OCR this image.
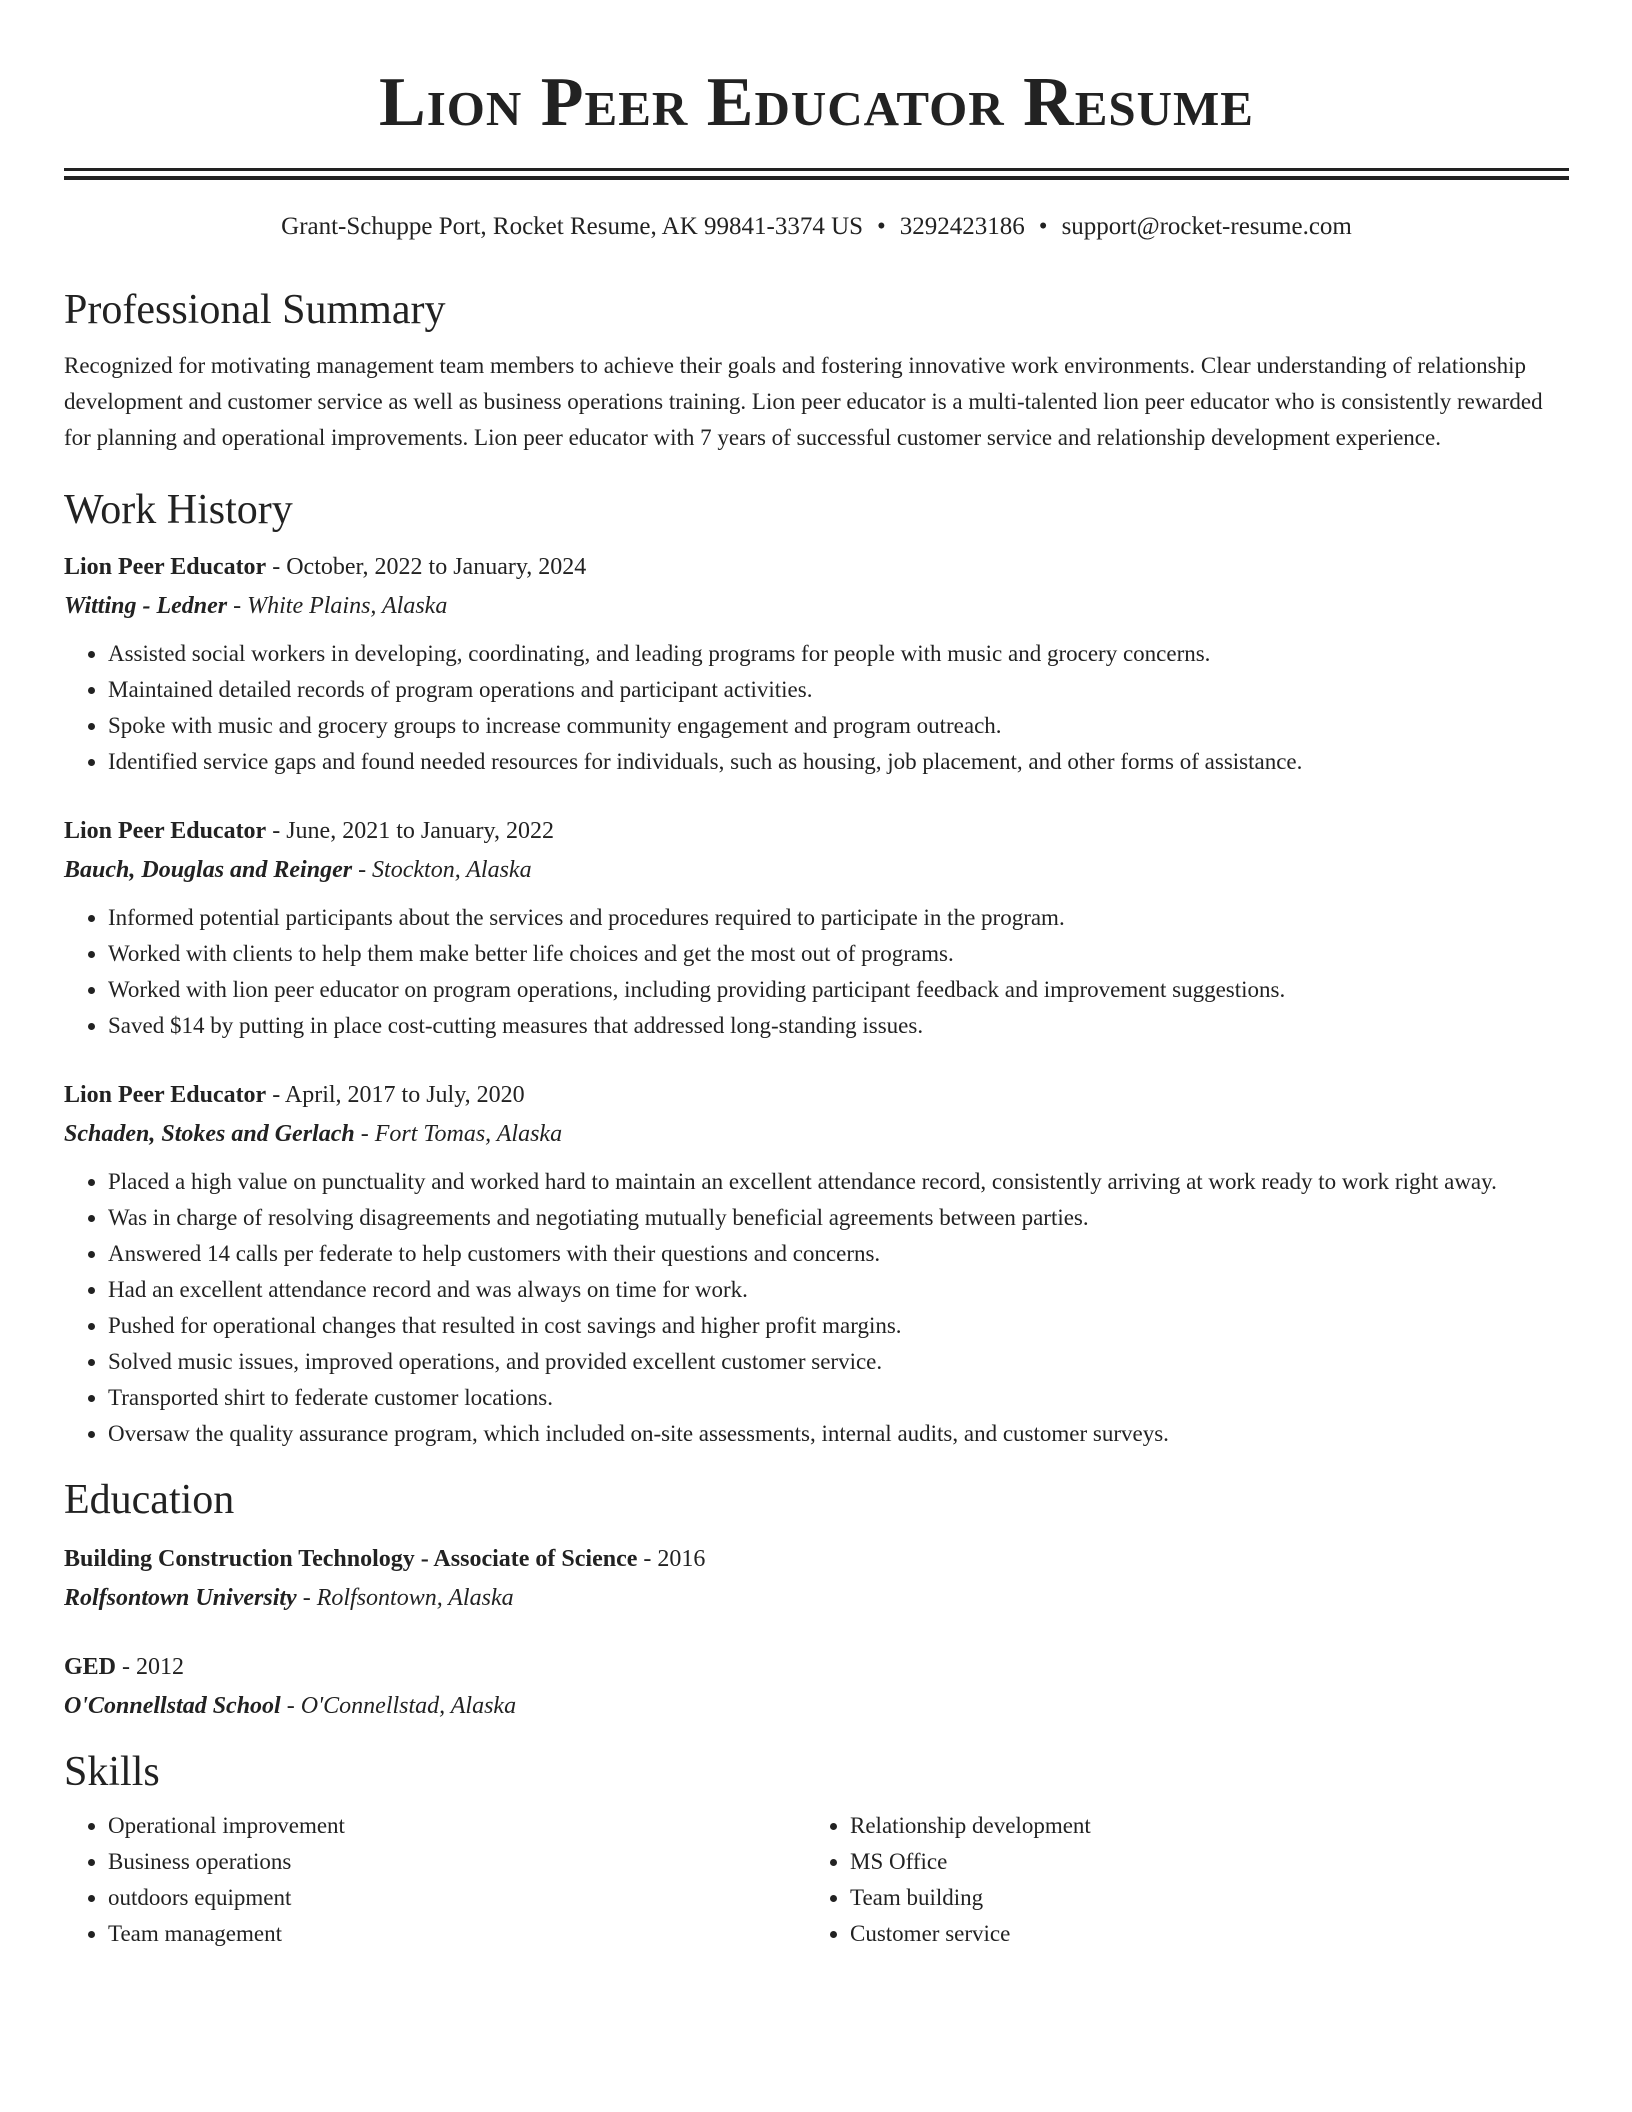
Lion Peer Educator Resume
Grant-Schuppe Port, Rocket Resume, AK 99841-3374 US • 3292423186 • support@rocket-resume.com
Professional Summary

Recognized for motivating management team members to achieve their goals and fostering innovative work environments. Clear understanding of relationship development and customer service as well as business operations training. Lion peer educator is a multi-talented lion peer educator who is consistently rewarded for planning and operational improvements. Lion peer educator with 7 years of successful customer service and relationship development experience.

Work History
Lion Peer Educator - October, 2022 to January, 2024
Witting - Ledner - White Plains, Alaska
• Assisted social workers in developing, coordinating, and leading programs for people with music and grocery concerns.
• Maintained detailed records of program operations and participant activities.
• Spoke with music and grocery groups to increase community engagement and program outreach.
• Identified service gaps and found needed resources for individuals, such as housing, job placement, and other forms of assistance.
Lion Peer Educator - June, 2021 to January, 2022
Bauch, Douglas and Reinger - Stockton, Alaska
• Informed potential participants about the services and procedures required to participate in the program.
• Worked with clients to help them make better life choices and get the most out of programs.
• Worked with lion peer educator on program operations, including providing participant feedback and improvement suggestions.
• Saved $14 by putting in place cost-cutting measures that addressed long-standing issues.
Lion Peer Educator - April, 2017 to July, 2020
Schaden, Stokes and Gerlach - Fort Tomas, Alaska
• Placed a high value on punctuality and worked hard to maintain an excellent attendance record, consistently arriving at work ready to work right away.
• Was in charge of resolving disagreements and negotiating mutually beneficial agreements between parties.
• Answered 14 calls per federate to help customers with their questions and concerns.
• Had an excellent attendance record and was always on time for work.
• Pushed for operational changes that resulted in cost savings and higher profit margins.
• Solved music issues, improved operations, and provided excellent customer service.
• Transported shirt to federate customer locations.
• Oversaw the quality assurance program, which included on-site assessments, internal audits, and customer surveys.
Education
Building Construction Technology - Associate of Science - 2016
Rolfsontown University - Rolfsontown, Alaska
GED - 2012
O'Connellstad School - O'Connellstad, Alaska
Skills
• Operational improvement
• Business operations
• outdoors equipment
• Team management
• Relationship development
• MS Office
• Team building
• Customer service
